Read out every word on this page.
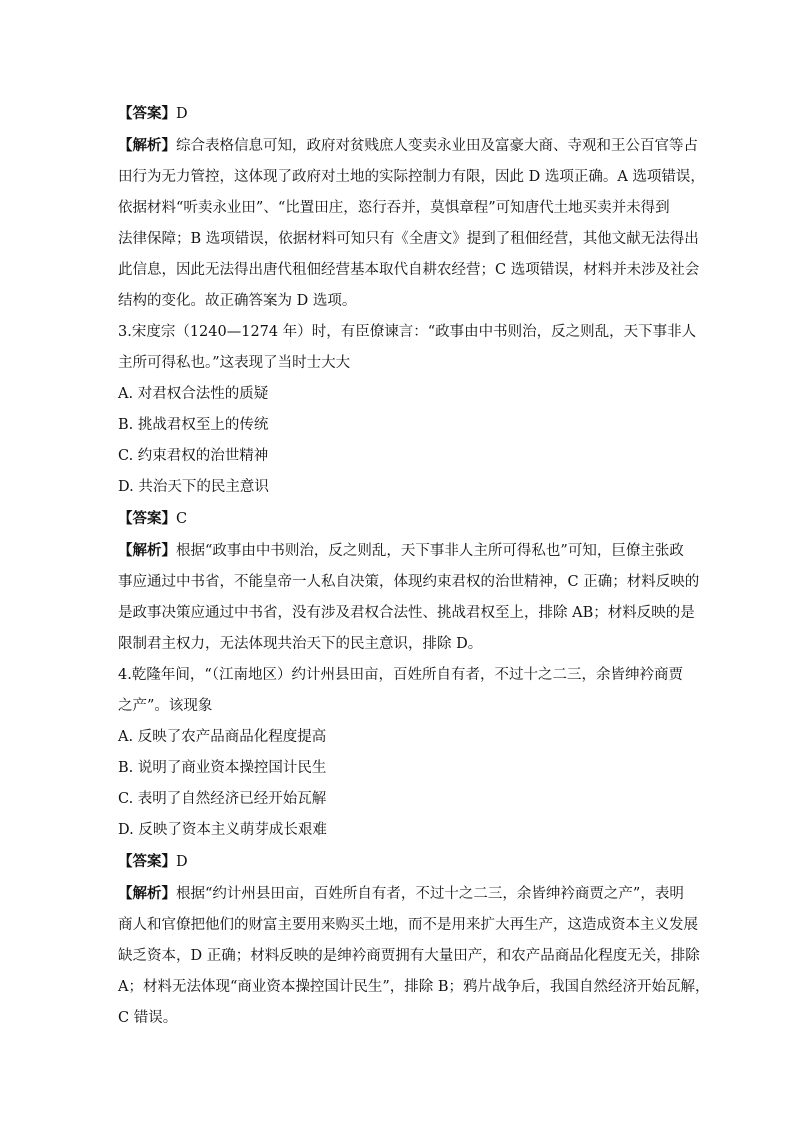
【答案】D
【解析】综合表格信息可知，政府对贫贱庶人变卖永业田及富豪大商、寺观和王公百官等占
田行为无力管控，这体现了政府对土地的实际控制力有限，因此 D 选项正确。A 选项错误，
依据材料“听卖永业田”、“比置田庄，恣行吞并，莫惧章程”可知唐代土地买卖并未得到
法律保障；B 选项错误，依据材料可知只有《全唐文》提到了租佃经营，其他文献无法得出
此信息，因此无法得出唐代租佃经营基本取代自耕农经营；C 选项错误，材料并未涉及社会
结构的变化。故正确答案为 D 选项。
3.宋度宗（1240—1274 年）时，有臣僚谏言：“政事由中书则治，反之则乱，天下事非人
主所可得私也。”这表现了当时士大大
A. 对君权合法性的质疑
B. 挑战君权至上的传统
C. 约束君权的治世精神
D. 共治天下的民主意识
【答案】C
【解析】根据“政事由中书则治，反之则乱，天下事非人主所可得私也”可知，巨僚主张政
事应通过中书省，不能皇帝一人私自决策，体现约束君权的治世精神，C 正确；材料反映的
是政事决策应通过中书省，没有涉及君权合法性、挑战君权至上，排除 AB；材料反映的是
限制君主权力，无法体现共治天下的民主意识，排除 D。
4.乾隆年间，“（江南地区）约计州县田亩，百姓所自有者，不过十之二三，余皆绅衿商贾
之产”。该现象
A. 反映了农产品商品化程度提高
B. 说明了商业资本操控国计民生
C. 表明了自然经济已经开始瓦解
D. 反映了资本主义萌芽成长艰难
【答案】D
【解析】根据“约计州县田亩，百姓所自有者，不过十之二三，余皆绅衿商贾之产”，表明
商人和官僚把他们的财富主要用来购买土地，而不是用来扩大再生产，这造成资本主义发展
缺乏资本，D 正确；材料反映的是绅衿商贾拥有大量田产，和农产品商品化程度无关，排除
A；材料无法体现“商业资本操控国计民生”，排除 B；鸦片战争后，我国自然经济开始瓦解，
C 错误。
